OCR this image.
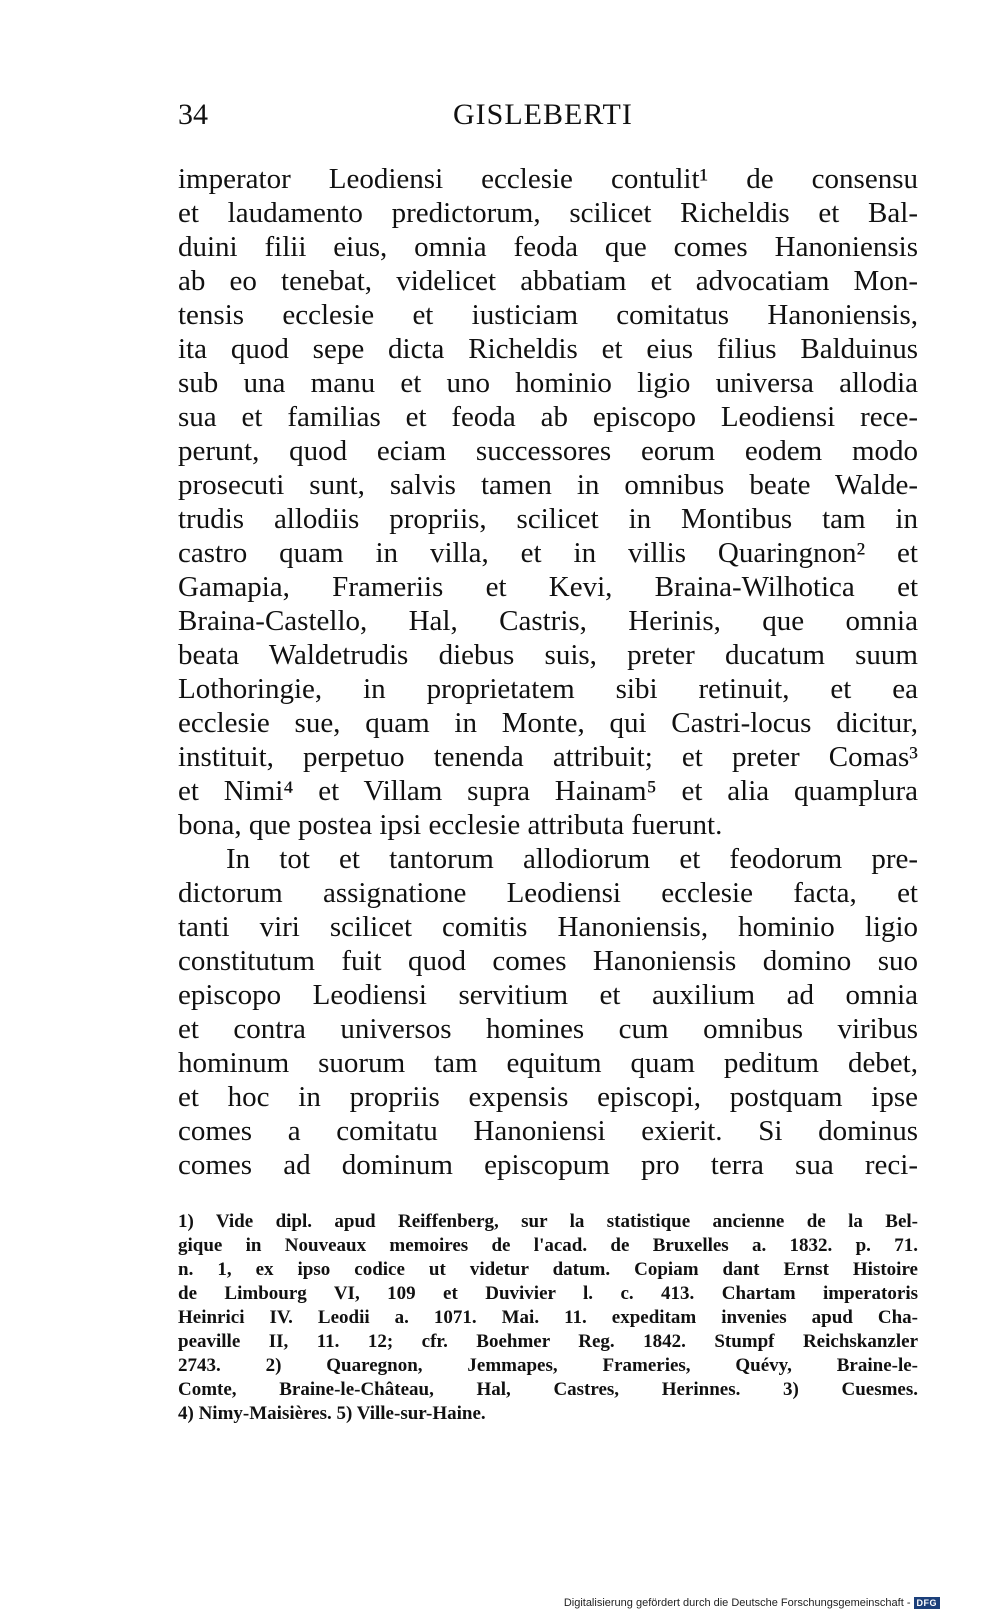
34	GISLEBERTI
imperator Leodiensi ecclesie contulit¹ de consensu
et laudamento predictorum, scilicet Richeldis et Bal-
duini filii eius, omnia feoda que comes Hanoniensis
ab eo tenebat, videlicet abbatiam et advocatiam Mon-
tensis ecclesie et iusticiam comitatus Hanoniensis,
ita quod sepe dicta Richeldis et eius filius Balduinus
sub una manu et uno hominio ligio universa allodia
sua et familias et feoda ab episcopo Leodiensi rece-
perunt, quod eciam successores eorum eodem modo
prosecuti sunt, salvis tamen in omnibus beate Walde-
trudis allodiis propriis, scilicet in Montibus tam in
castro quam in villa, et in villis Quaringnon² et
Gamapia, Frameriis et Kevi, Braina-Wilhotica et
Braina-Castello, Hal, Castris, Herinis, que omnia
beata Waldetrudis diebus suis, preter ducatum suum
Lothoringie, in proprietatem sibi retinuit, et ea
ecclesie sue, quam in Monte, qui Castri-locus dicitur,
instituit, perpetuo tenenda attribuit; et preter Comas³
et Nimi⁴ et Villam supra Hainam⁵ et alia quamplura
bona, que postea ipsi ecclesie attributa fuerunt.
In tot et tantorum allodiorum et feodorum pre-
dictorum assignatione Leodiensi ecclesie facta, et
tanti viri scilicet comitis Hanoniensis, hominio ligio
constitutum fuit quod comes Hanoniensis domino suo
episcopo Leodiensi servitium et auxilium ad omnia
et contra universos homines cum omnibus viribus
hominum suorum tam equitum quam peditum debet,
et hoc in propriis expensis episcopi, postquam ipse
comes a comitatu Hanoniensi exierit. Si dominus
comes ad dominum episcopum pro terra sua reci-
1) Vide dipl. apud Reiffenberg, sur la statistique ancienne de la Bel-
gique in Nouveaux memoires de l'acad. de Bruxelles a. 1832. p. 71.
n. 1, ex ipso codice ut videtur datum. Copiam dant Ernst Histoire
de Limbourg VI, 109 et Duvivier l. c. 413. Chartam imperatoris
Heinrici IV. Leodii a. 1071. Mai. 11. expeditam invenies apud Cha-
peaville II, 11. 12; cfr. Boehmer Reg. 1842. Stumpf Reichskanzler
2743. 2) Quaregnon, Jemmapes, Frameries, Quévy, Braine-le-
Comte, Braine-le-Château, Hal, Castres, Herinnes. 3) Cuesmes.
4) Nimy-Maisières. 5) Ville-sur-Haine.
Digitalisierung gefördert durch die Deutsche Forschungsgemeinschaft - DFG
